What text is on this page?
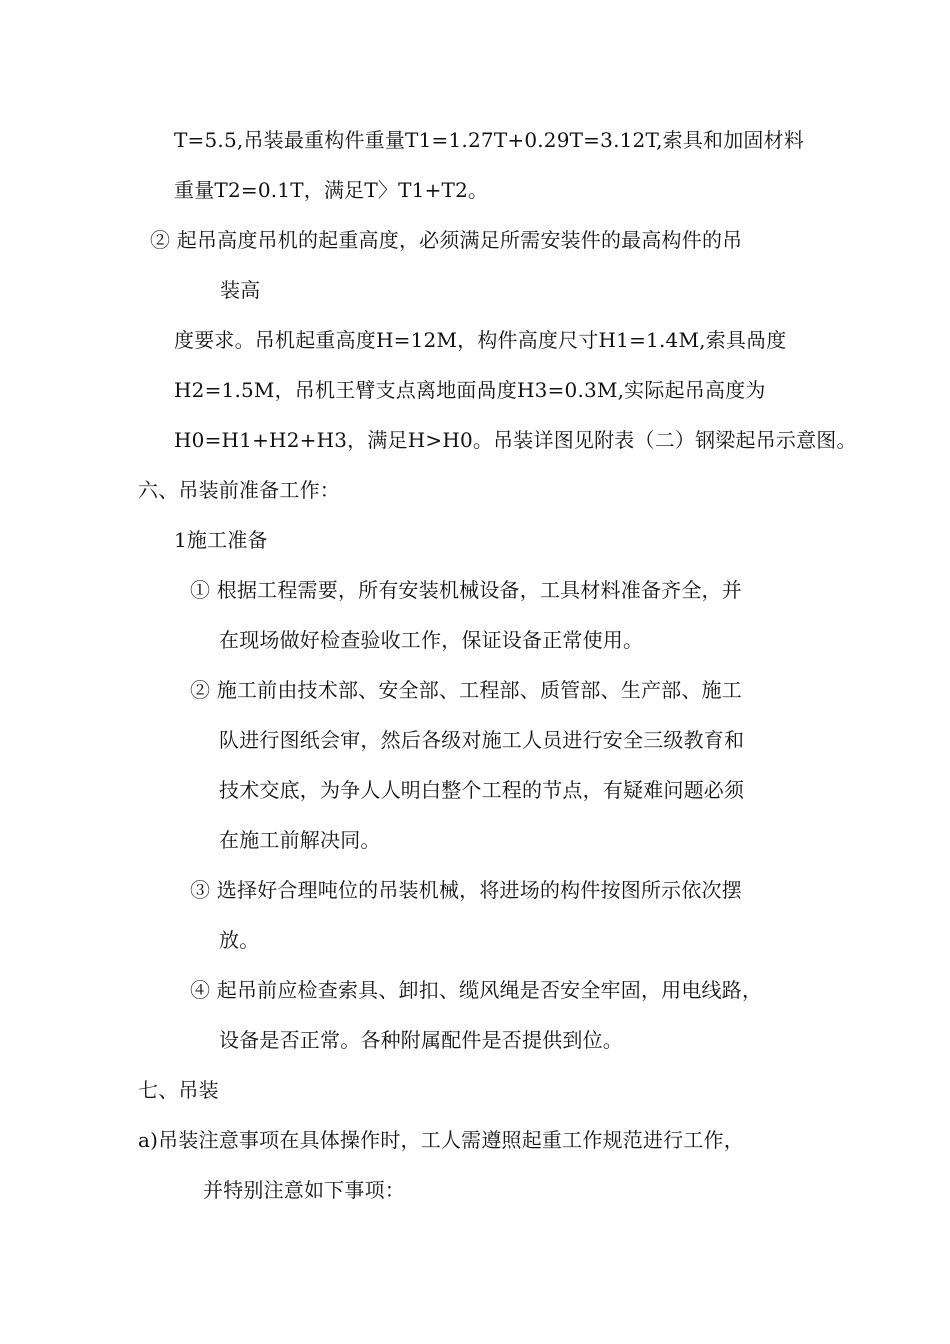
T=5.5,吊装最重构件重量T1=1.27T+0.29T=3.12T,索具和加固材料
重量T2=0.1T，满足T〉T1+T2。
② 起吊高度吊机的起重高度，必须满足所需安装件的最高构件的吊
装高
度要求。吊机起重高度H=12M，构件高度尺寸H1=1.4M,索具咼度
H2=1.5M，吊机王臂支点离地面咼度H3=0.3M,实际起吊高度为
H0=H1+H2+H3，满足H>H0。吊装详图见附表（二）钢梁起吊示意图。
六、吊装前准备工作：
1施工准备
① 根据工程需要，所有安装机械设备，工具材料准备齐全，并
在现场做好检查验收工作，保证设备正常使用。
② 施工前由技术部、安全部、工程部、质管部、生产部、施工
队进行图纸会审，然后各级对施工人员进行安全三级教育和
技术交底，为争人人明白整个工程的节点，有疑难问题必须
在施工前解决同。
③ 选择好合理吨位的吊装机械，将进场的构件按图所示依次摆
放。
④ 起吊前应检查索具、卸扣、缆风绳是否安全牢固，用电线路，
设备是否正常。各种附属配件是否提供到位。
七、吊装
a)吊装注意事项在具体操作时，工人需遵照起重工作规范进行工作，
并特别注意如下事项：
